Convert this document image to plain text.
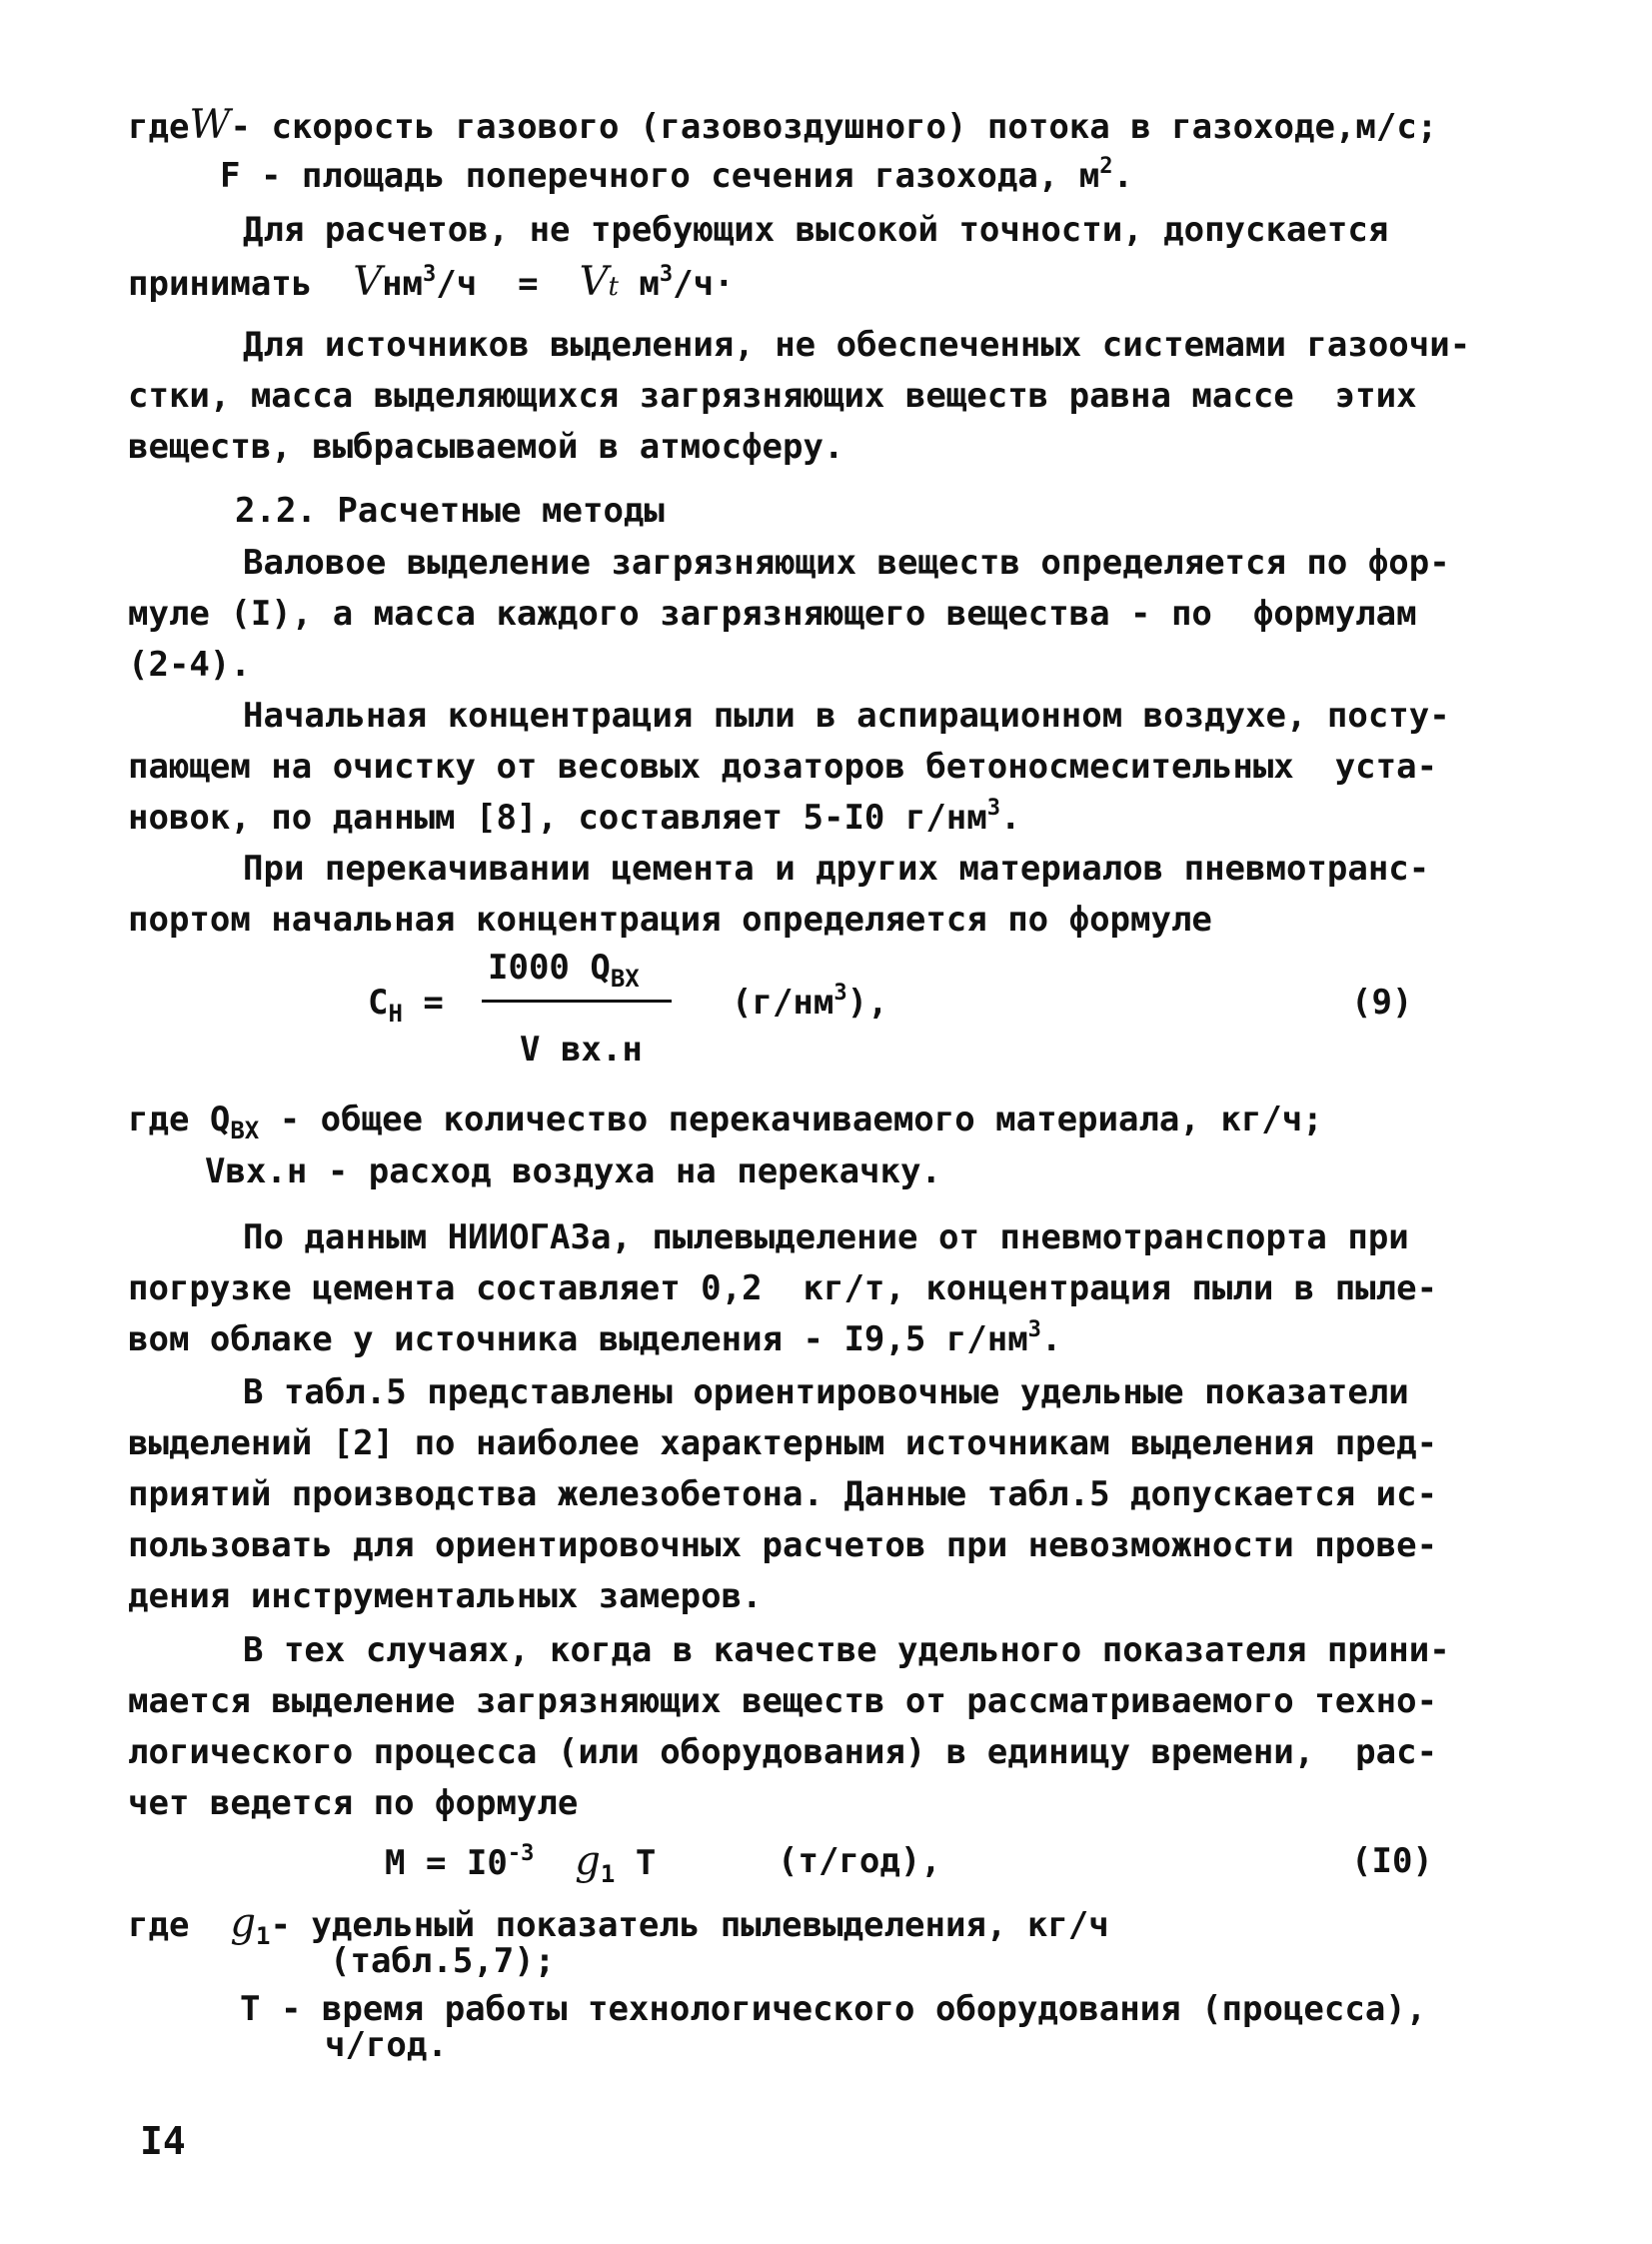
гдеW- скорость газового (газовоздушного) потока в газоходе,м/с;
F - площадь поперечного сечения газохода, $м^2$.
Для расчетов, не требующих высокой точности, допускается
принимать Vнм$^3$/ч  = Vt $м^3/ч\cdot$
Для источников выделения, не обеспеченных системами газоочи-
стки, масса выделяющихся загрязняющих веществ равна массе  этих
веществ, выбрасываемой в атмосферу.
2.2. Расчетные методы
Валовое выделение загрязняющих веществ определяется по фор-
муле (I), а масса каждого загрязняющего вещества - по  формулам
(2-4).
Начальная концентрация пыли в аспирационном воздухе, посту-
пающем на очистку от весовых дозаторов бетоносмесительных  уста-
новок, по данным [8], составляет 5-I0 $г/нм^3$.
При перекачивании цемента и других материалов пневмотранс-
портом начальная концентрация определяется по формуле
$С_Н$ =
I000 $Q_{ВХ}$
V вх.н
$(г/нм^3)$,	(9)
где $Q_{ВХ}$ - общее количество перекачиваемого материала, кг/ч;
Vвх.н - расход воздуха на перекачку.
По данным НИИОГАЗа, пылевыделение от пневмотранспорта при
погрузке цемента составляет 0,2  кг/т, концентрация пыли в пыле-
вом облаке у источника выделения - I9,5 $г/нм^3$.
В табл.5 представлены ориентировочные удельные показатели
выделений [2] по наиболее характерным источникам выделения пред-
приятий производства железобетона. Данные табл.5 допускается ис-
пользовать для ориентировочных расчетов при невозможности прове-
дения инструментальных замеров.
В тех случаях, когда в качестве удельного показателя прини-
мается выделение загрязняющих веществ от рассматриваемого техно-
логического процесса (или оборудования) в единицу времени,  рас-
чет ведется по формуле
$М = I0^{-3}$ $g_1$ Т	(т/год),	(I0)
где $g_1-$ удельный показатель пылевыделения, кг/ч
(табл.5,7);
Т - время работы технологического оборудования (процесса),
ч/год.
I4
